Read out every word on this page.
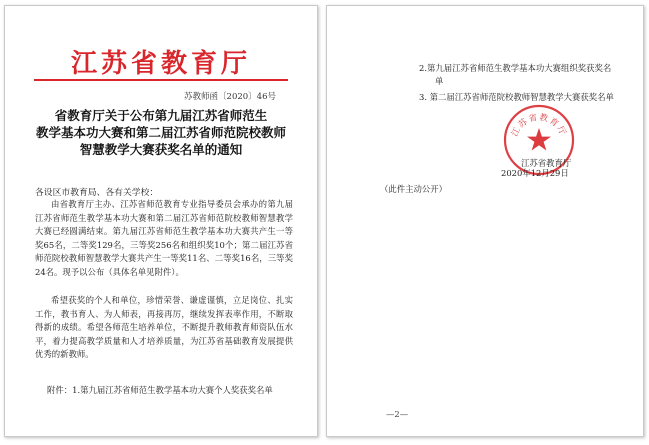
江苏省教育厅
苏教师函〔2020〕46号
省教育厅关于公布第九届江苏省师范生
教学基本功大赛和第二届江苏省师范院校教师
智慧教学大赛获奖名单的通知
各设区市教育局、各有关学校：

由省教育厅主办、江苏省师范教育专业指导委员会承办的第九届江苏省师范生教学基本功大赛和第二届江苏省师范院校教师智慧教学大赛已经圆满结束。第九届江苏省师范生教学基本功大赛共产生一等奖65名，二等奖129名，三等奖256名和组织奖10个；第二届江苏省师范院校教师智慧教学大赛共产生一等奖11名、二等奖16名，三等奖24名。现予以公布（具体名单见附件）。

希望获奖的个人和单位，珍惜荣誉、谦虚谨慎，立足岗位、扎实工作，教书育人、为人师表，再接再厉，继续发挥表率作用，不断取得新的成绩。希望各师范生培养单位，不断提升教师教育师资队伍水平，着力提高教学质量和人才培养质量，为江苏省基础教育发展提供优秀的新教师。

附件：1.第九届江苏省师范生教学基本功大赛个人奖获奖名单
2.第九届江苏省师范生教学基本功大赛组织奖获奖名
单
3. 第二届江苏省师范院校教师智慧教学大赛获奖名单
江苏省教育厅
江苏省教育厅
2020年12月29日
（此件主动公开）
—2—
